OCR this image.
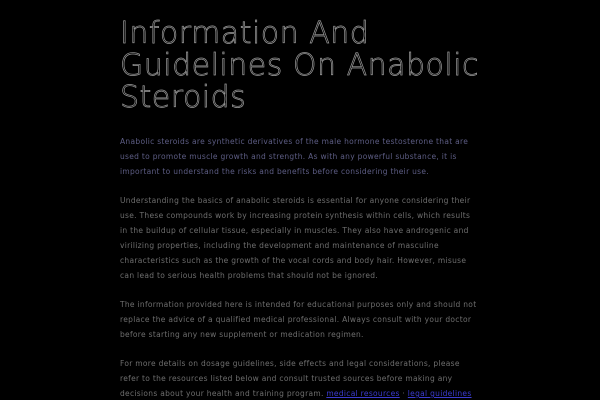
Information And Guidelines On Anabolic Steroids

Anabolic steroids are synthetic derivatives of the male hormone testosterone that are used to promote muscle growth and strength. As with any powerful substance, it is important to understand the risks and benefits before considering their use.

Understanding the basics of anabolic steroids is essential for anyone considering their use. These compounds work by increasing protein synthesis within cells, which results in the buildup of cellular tissue, especially in muscles. They also have androgenic and virilizing properties, including the development and maintenance of masculine characteristics such as the growth of the vocal cords and body hair. However, misuse can lead to serious health problems that should not be ignored.

The information provided here is intended for educational purposes only and should not replace the advice of a qualified medical professional. Always consult with your doctor before starting any new supplement or medication regimen.

For more details on dosage guidelines, side effects and legal considerations, please refer to the resources listed below and consult trusted sources before making any decisions about your health and training program. medical resources · legal guidelines
